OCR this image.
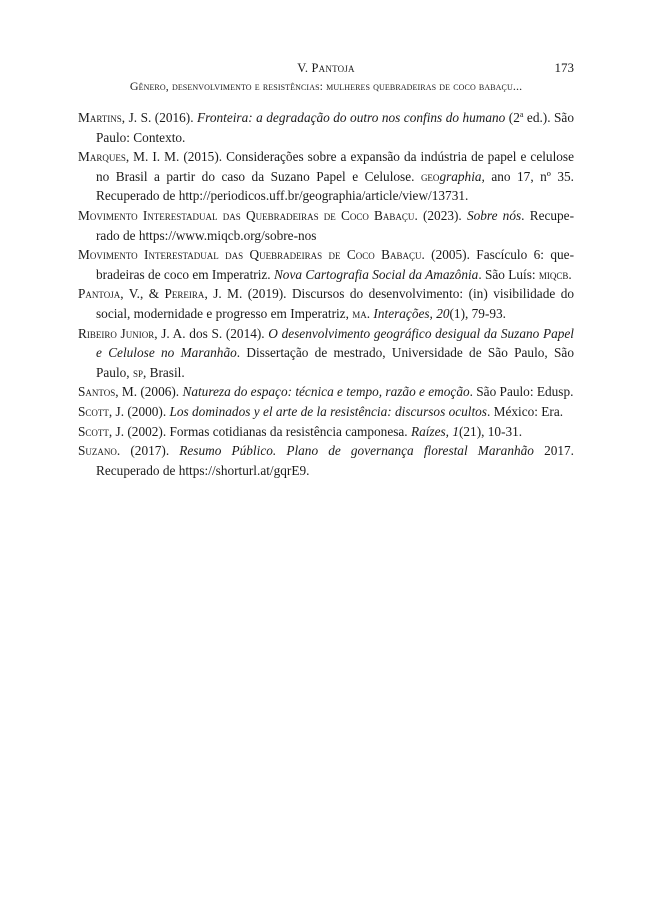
V. Pantoja
Gênero, desenvolvimento e resistências: mulheres quebradeiras de coco babaçu...
173

Martins, J. S. (2016). Fronteira: a degradação do outro nos confins do humano (2$^a$ ed.). São Paulo: Contexto.

Marques, M. I. M. (2015). Considerações sobre a expansão da indústria de papel e celulose no Brasil a partir do caso da Suzano Papel e Celulose. geographia, ano 17, nº 35. Recuperado de http://periodicos.uff.br/geographia/article/view/13731.

Movimento Interestadual das Quebradeiras de Coco Babaçu. (2023). Sobre nós. Recuperado de https://www.miqcb.org/sobre-nos

Movimento Interestadual das Quebradeiras de Coco Babaçu. (2005). Fascículo 6: quebradeiras de coco em Imperatriz. Nova Cartografia Social da Amazônia. São Luís: miqcb.

Pantoja, V., & Pereira, J. M. (2019). Discursos do desenvolvimento: (in) visibilidade do social, modernidade e progresso em Imperatriz, ma. Interações, 20(1), 79-93.

Ribeiro Junior, J. A. dos S. (2014). O desenvolvimento geográfico desigual da Suzano Papel e Celulose no Maranhão. Dissertação de mestrado, Universidade de São Paulo, São Paulo, sp, Brasil.

Santos, M. (2006). Natureza do espaço: técnica e tempo, razão e emoção. São Paulo: Edusp.

Scott, J. (2000). Los dominados y el arte de la resistência: discursos ocultos. México: Era.

Scott, J. (2002). Formas cotidianas da resistência camponesa. Raízes, 1(21), 10-31.

Suzano. (2017). Resumo Público. Plano de governança florestal Maranhão 2017. Recuperado de https://shorturl.at/gqrE9.
